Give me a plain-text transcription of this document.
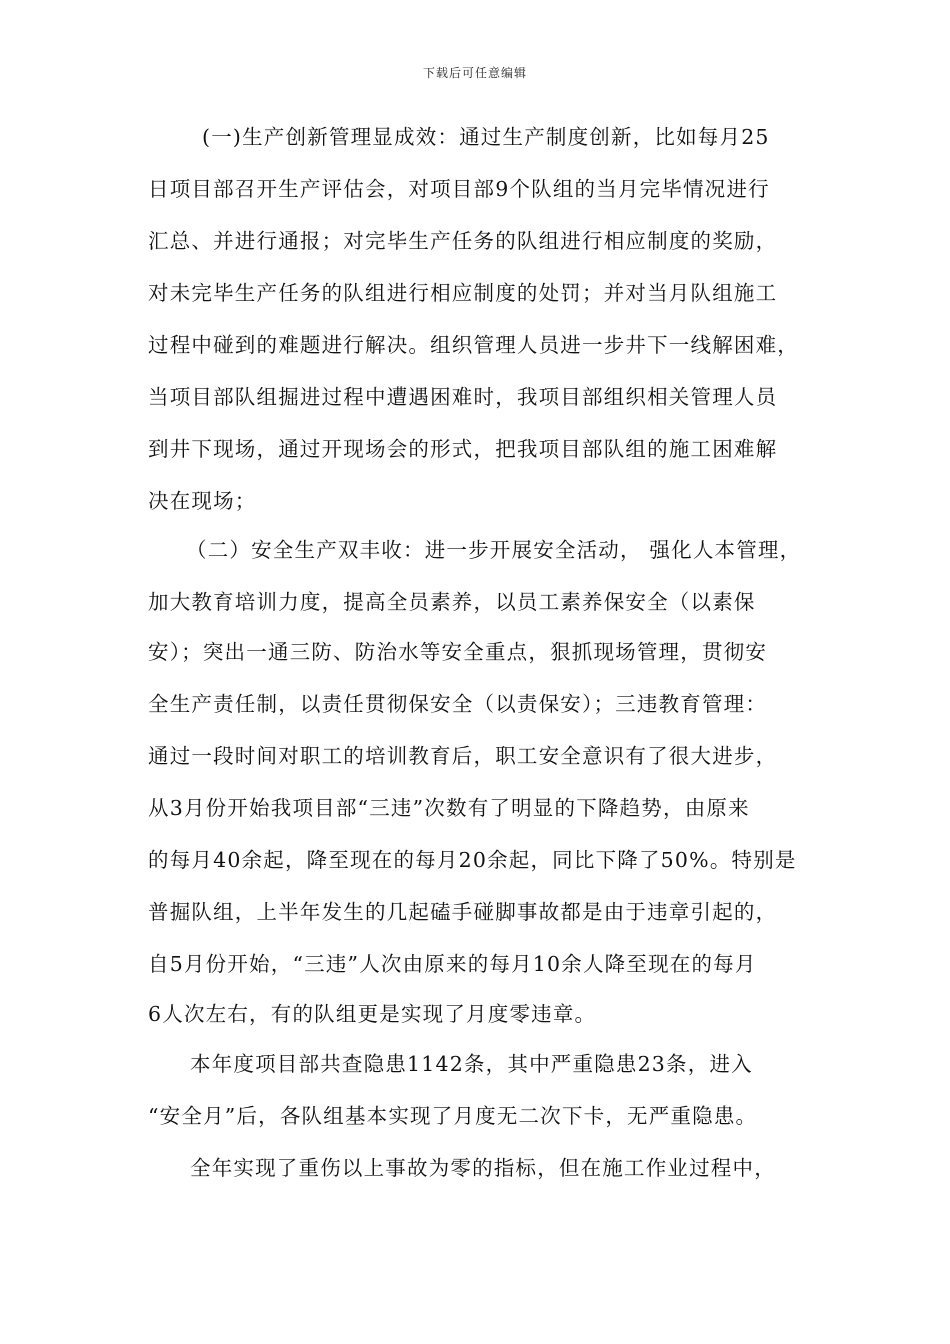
下载后可任意编辑
(一)生产创新管理显成效：通过生产制度创新，比如每月25
日项目部召开生产评估会，对项目部9个队组的当月完毕情况进行
汇总、并进行通报；对完毕生产任务的队组进行相应制度的奖励，
对未完毕生产任务的队组进行相应制度的处罚；并对当月队组施工
过程中碰到的难题进行解决。组织管理人员进一步井下一线解困难，
当项目部队组掘进过程中遭遇困难时，我项目部组织相关管理人员
到井下现场，通过开现场会的形式，把我项目部队组的施工困难解
决在现场；
（二）安全生产双丰收：进一步开展安全活动， 强化人本管理，
加大教育培训力度，提高全员素养，以员工素养保安全（以素保
安）；突出一通三防、防治水等安全重点，狠抓现场管理，贯彻安
全生产责任制，以责任贯彻保安全（以责保安）；三违教育管理：
通过一段时间对职工的培训教育后，职工安全意识有了很大进步，
从3月份开始我项目部“三违”次数有了明显的下降趋势，由原来
的每月40余起，降至现在的每月20余起，同比下降了50%。特别是
普掘队组，上半年发生的几起磕手碰脚事故都是由于违章引起的，
自5月份开始，“三违”人次由原来的每月10余人降至现在的每月
6人次左右，有的队组更是实现了月度零违章。
本年度项目部共查隐患1142条，其中严重隐患23条，进入
“安全月”后，各队组基本实现了月度无二次下卡，无严重隐患。
全年实现了重伤以上事故为零的指标，但在施工作业过程中，
